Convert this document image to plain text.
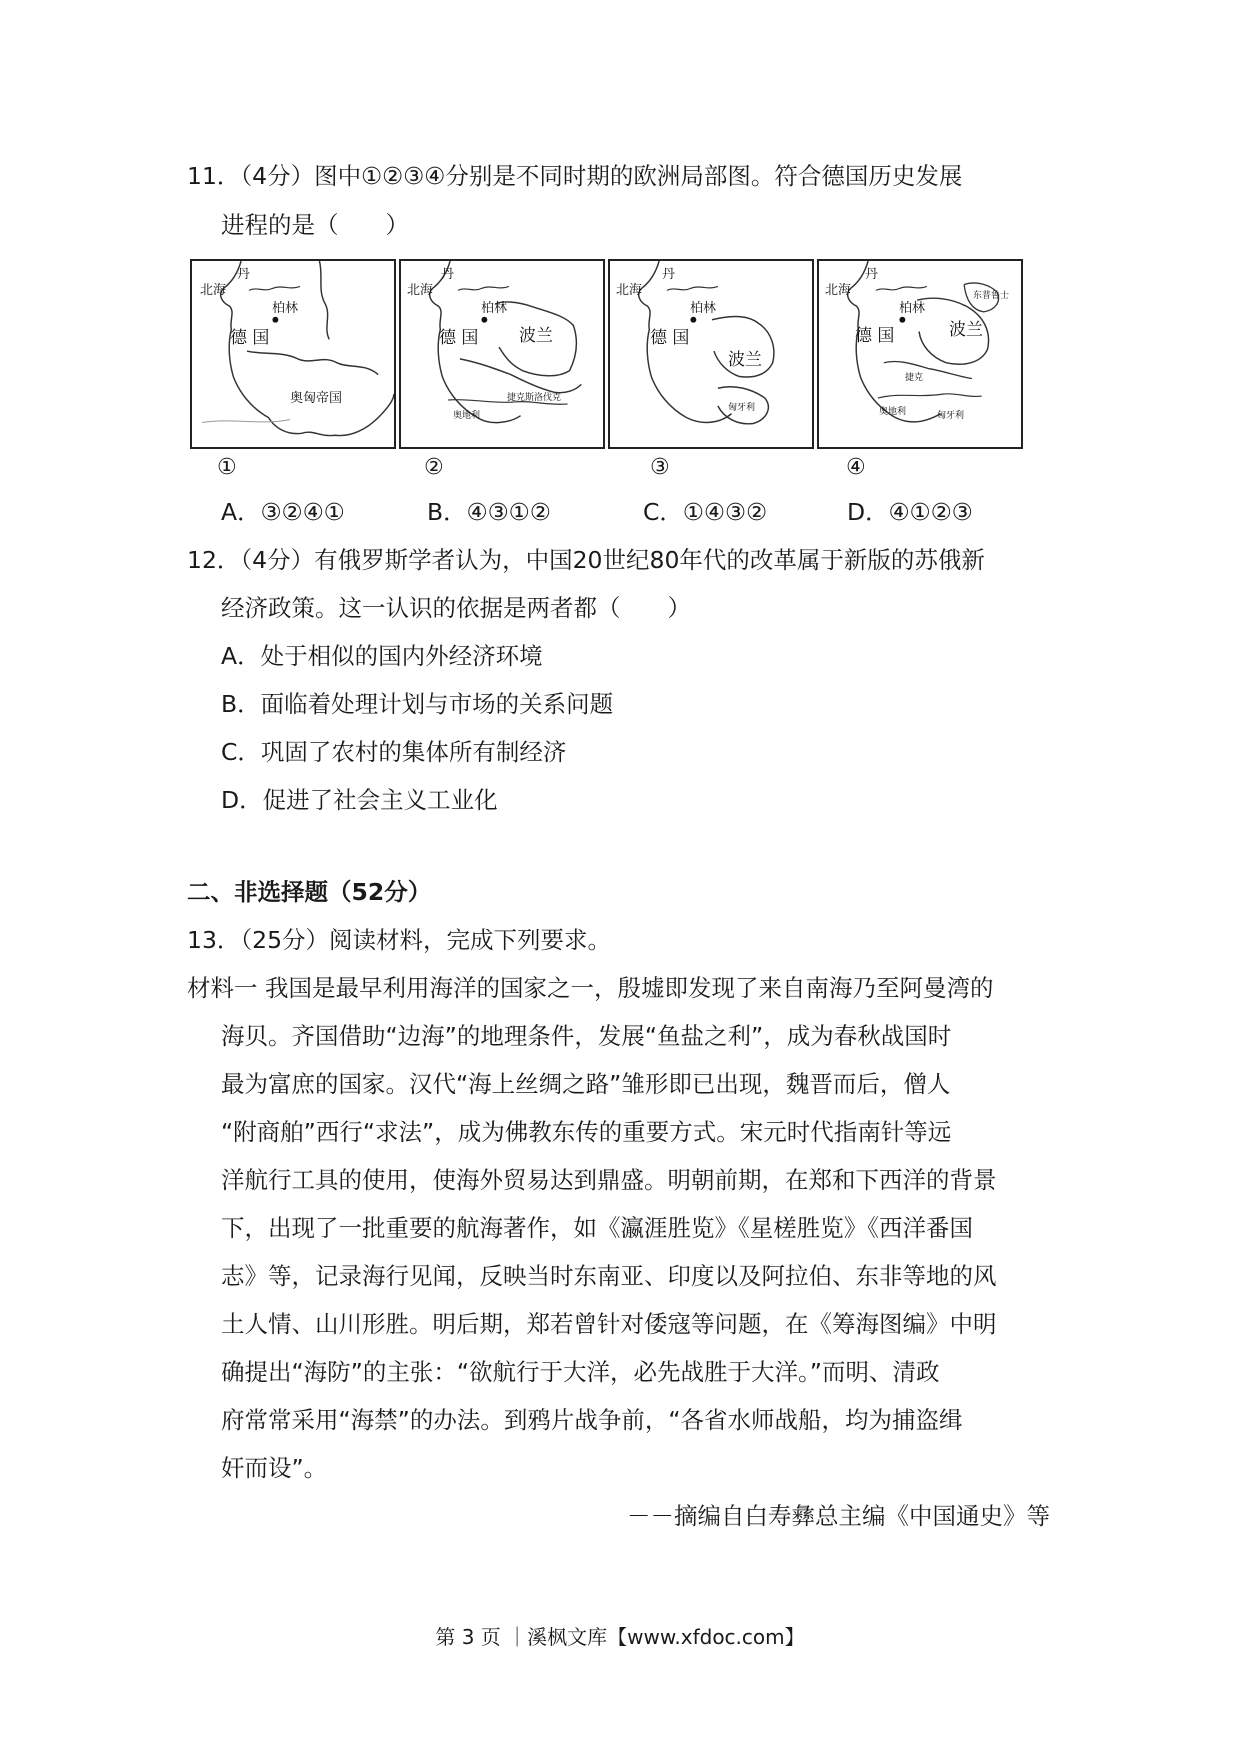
11．（4分）图中①②③④分别是不同时期的欧洲局部图。符合德国历史发展
进程的是（　　）
丹
北海
柏林
德 国
奥匈帝国
丹
北海
柏林
德 国 波兰
奥地利
捷克斯洛伐克
丹
北海
柏林
德 国
波兰
匈牙利
丹
北海
柏林
德 国	波兰
东普鲁士
捷克
奥地利	匈牙利
①	②	③	④
A．③②④①	B．④③①②	C．①④③②	D．④①②③
12．（4分）有俄罗斯学者认为，中国20世纪80年代的改革属于新版的苏俄新
经济政策。这一认识的依据是两者都（　　）
A．处于相似的国内外经济环境
B．面临着处理计划与市场的关系问题
C．巩固了农村的集体所有制经济
D．促进了社会主义工业化
二、非选择题（52分）
13．（25分）阅读材料，完成下列要求。
材料一 我国是最早利用海洋的国家之一，殷墟即发现了来自南海乃至阿曼湾的
海贝。齐国借助“边海”的地理条件，发展“鱼盐之利”，成为春秋战国时
最为富庶的国家。汉代“海上丝绸之路”雏形即已出现，魏晋而后，僧人
“附商舶”西行“求法”，成为佛教东传的重要方式。宋元时代指南针等远
洋航行工具的使用，使海外贸易达到鼎盛。明朝前期，在郑和下西洋的背景
下，出现了一批重要的航海著作，如《瀛涯胜览》《星槎胜览》《西洋番国
志》等，记录海行见闻，反映当时东南亚、印度以及阿拉伯、东非等地的风
土人情、山川形胜。明后期，郑若曾针对倭寇等问题，在《筹海图编》中明
确提出“海防”的主张：“欲航行于大洋，必先战胜于大洋。”而明、清政
府常常采用“海禁”的办法。到鸦片战争前，“各省水师战船，均为捕盗缉
奸而设”。
－－摘编自白寿彝总主编《中国通史》等
第 3 页 ｜溪枫文库【www.xfdoc.com】
